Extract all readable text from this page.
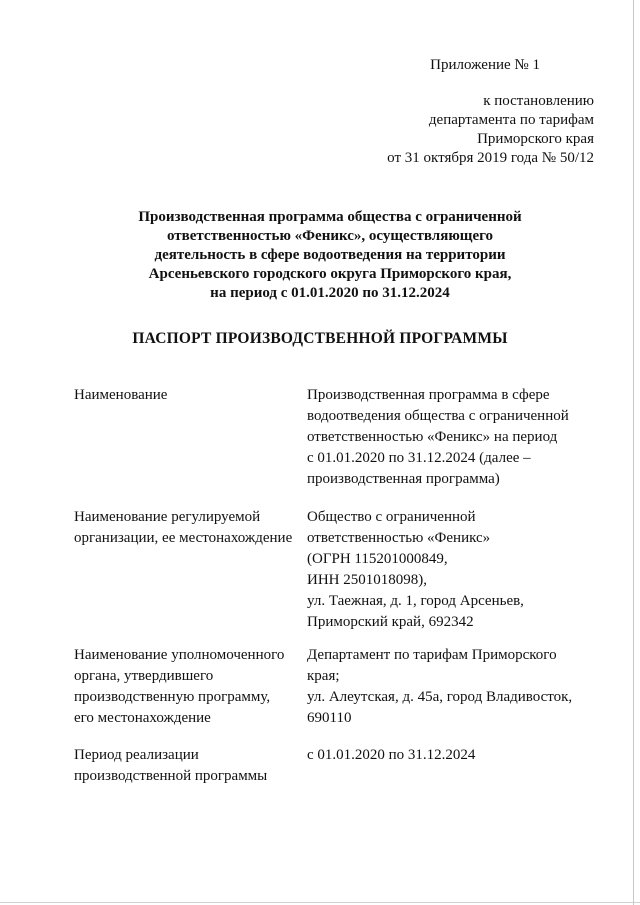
Приложение № 1
к постановлению
департамента по тарифам
Приморского края
от 31 октября 2019 года № 50/12
Производственная программа общества с ограниченной
ответственностью «Феникс», осуществляющего
деятельность в сфере водоотведения на территории
Арсеньевского городского округа Приморского края,
на период с 01.01.2020 по 31.12.2024
ПАСПОРТ ПРОИЗВОДСТВЕННОЙ ПРОГРАММЫ
Наименование	Производственная программа в сфере
водоотведения общества с ограниченной
ответственностью «Феникс» на период
с 01.01.2020 по 31.12.2024 (далее –
производственная программа)
Наименование регулируемой
организации, ее местонахождение
Общество с ограниченной
ответственностью «Феникс»
(ОГРН 115201000849,
ИНН 2501018098),
ул. Таежная, д. 1, город Арсеньев,
Приморский край, 692342
Наименование уполномоченного
органа, утвердившего
производственную программу,
его местонахождение
Департамент по тарифам Приморского
края;
ул. Алеутская, д. 45а, город Владивосток,
690110
Период реализации
производственной программы
с 01.01.2020 по 31.12.2024
